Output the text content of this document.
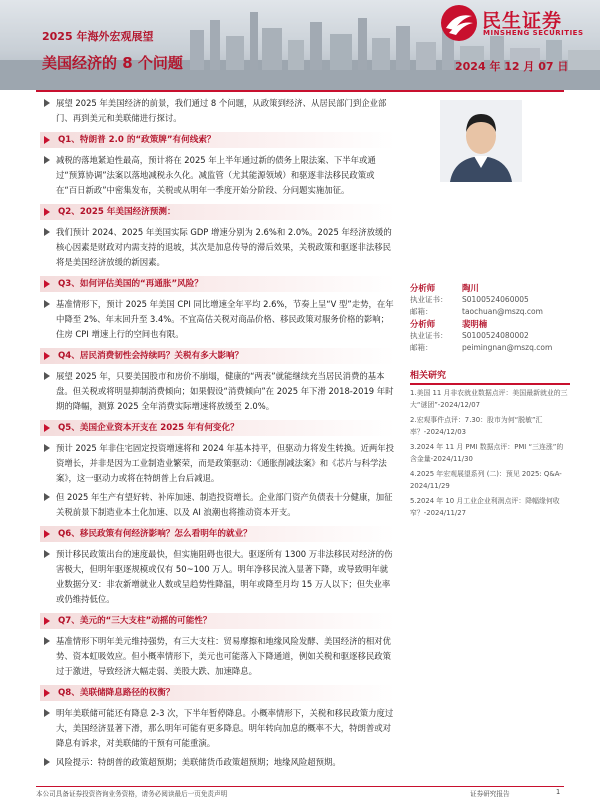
2025 年海外宏观展望
美国经济的 8 个问题	2024 年 12 月 07 日
民生证券
MINSHENG SECURITIES
展望 2025 年美国经济的前景，我们通过 8 个问题，从政策到经济、从居民部门到企业部门、再到美元和美联储进行探讨。
Q1、特朗普 2.0 的“政策牌”有何线索？
减税的落地紧迫性最高，预计将在 2025 年上半年通过新的债务上限法案、下半年或通过“预算协调”法案以落地减税永久化。减监管（尤其能源领域）和驱逐非法移民政策或在“百日新政”中密集发布，关税或从明年一季度开始分阶段、分问题实施加征。
Q2、2025 年美国经济预测：
我们预计 2024、2025 年美国实际 GDP 增速分别为 2.6%和 2.0%。2025 年经济放缓的核心因素是财政对内需支持的退坡，其次是加息传导的滞后效果，关税政策和驱逐非法移民将是美国经济放缓的新因素。
Q3、如何评估美国的“再通胀”风险？
基准情形下，预计 2025 年美国 CPI 同比增速全年平均 2.6%，节奏上呈“V 型”走势，在年中降至 2%、年末回升至 3.4%。不宜高估关税对商品价格、移民政策对服务价格的影响；住房 CPI 增速上行的空间也有限。
Q4、居民消费韧性会持续吗？关税有多大影响？
展望 2025 年，只要美国股市和房价不崩塌，健康的“两表”就能继续充当居民消费的基本盘。但关税或将明显抑制消费倾向；如果假设“消费倾向”在 2025 年下滑 2018-2019 年时期的降幅，测算 2025 全年消费实际增速将放缓至 2.0%。
Q5、美国企业资本开支在 2025 年有何变化？
预计 2025 年非住宅固定投资增速将和 2024 年基本持平，但驱动力将发生转换。近两年投资增长，并非是因为工业制造业繁荣，而是政策驱动：《通胀削减法案》和《芯片与科学法案》，这一驱动力或将在特朗普上台后减退。
但 2025 年生产有望好转、补库加速、制造投资增长。企业部门资产负债表十分健康，加征关税前景下制造业本土化加速、以及 AI 浪潮也将推动资本开支。
Q6、移民政策有何经济影响？怎么看明年的就业？
预计移民政策出台的速度最快，但实施阻碍也很大。驱逐所有 1300 万非法移民对经济的伤害极大，但明年驱逐规模或仅有 50~100 万人。明年净移民流入显著下降，或导致明年就业数据分叉：非农新增就业人数或呈趋势性降温，明年或降至月均 15 万人以下；但失业率或仍维持低位。
Q7、美元的“三大支柱”动摇的可能性？
基准情形下明年美元维持强势，有三大支柱：贸易摩擦和地缘风险发酵、美国经济的相对优势、资本虹吸效应。但小概率情形下，美元也可能落入下降通道，例如关税和驱逐移民政策过于激进，导致经济大幅走弱、美股大跌、加速降息。
Q8、美联储降息路径的权衡？
明年美联储可能还有降息 2-3 次，下半年暂停降息。小概率情形下，关税和移民政策力度过大，美国经济显著下滑，那么明年可能有更多降息。明年转向加息的概率不大，特朗普或对降息有诉求，对美联储的干预有可能重演。
风险提示：特朗普的政策超预期；美联储货币政策超预期；地缘风险超预期。
分析师	陶川
执业证书： S0100524060005
邮箱：	taochuan@mszq.com
分析师	裴明楠
执业证书： S0100524080002
邮箱：	peimingnan@mszq.com
相关研究
1.美国 11 月非农就业数据点评：美国最新就业的三大“谜团”-2024/12/07
2.宏观事件点评：7.30：股市为何“脱敏”汇率？-2024/12/03
3.2024 年 11 月 PMI 数据点评：PMI “三连涨”的含金量-2024/11/30
4.2025 年宏观展望系列 (二)：预见 2025: Q&A-2024/11/29
5.2024 年 10 月工业企业利润点评：降幅缘何收窄？-2024/11/27
本公司具备证券投资咨询业务资格，请务必阅读最后一页免责声明	证券研究报告	1
